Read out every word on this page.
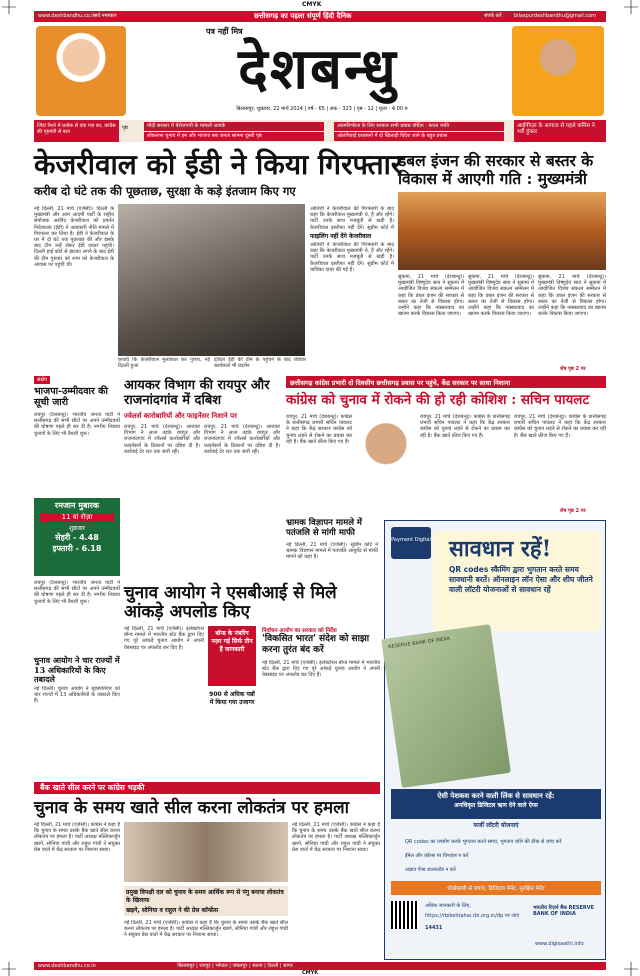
CMYK
www.deshbandhu.co.in
सर्व नमस्कार	छत्तीसगढ़ का पहला संपूर्ण हिंदी दैनिक	संपर्क करें bilaspurdeshbandhu@gmail.com
पत्र नहीं मित्र
देशबन्धु
बिलासपुर, शुक्रवार, 22 मार्च 2024 | वर्ष - 65 | अंक - 323 | पृष्ठ - 12 | मूल्य - 4.00 रु
जिंदा रिश्ते में प्रत्येक से एक गज़ का, कांग्रेस की गृहमंत्री से बात
पृष्ठ	मोदी सरकार में बेरोजगारी के मामलों आपके
लोकसभा चुनाव में हम और भाजपा सब जनता सामना दूसरी पृष्ठ
आत्मनिर्भरता के लिए सरकार सभी प्रयास वर्धिता : काला जाति
ओलंपियाई प्रशासनों में दो खिलाड़ी विदेश जाने के बहुत प्रयास
आईपीएल के आगाज से पहले कमिंस ने भरी हुंकार
केजरीवाल को ईडी ने किया गिरफ्तार
करीब दो घंटे तक की पूछताछ, सुरक्षा के कड़े इंतजाम किए गए
नई दिल्ली, 21 मार्च (एजेंसी)। दिल्ली के मुख्यमंत्री और आम आदमी पार्टी के राष्ट्रीय संयोजक अरविंद केजरीवाल को प्रवर्तन निदेशालय (ईडी) ने आबकारी नीति मामले में गिरफ्तार कर लिया है। ईडी ने केजरीवाल के घर में दो घंटे तक पूछताछ की और इसके बाद टीम उन्हें लेकर ईडी दफ्तर पहुंची। दिल्ली हाई कोर्ट से झटका लगने के बाद ईडी की टीम गुरुवार को शाम को केजरीवाल के आवास पर पहुंची थी।
कथाएँ कि केजरीवाल मुलाकात कर गुजरा, नई दिल्ली हुआ
ट्विटर ईडी की टीम के पहुंचने के बाद रविवार कार्यकर्ता भी प्रदर्शन
आतिशी ने केजरीवाल की गिरफ्तारी के बाद कहा कि केजरीवाल मुख्यमंत्री थे, हैं और रहेंगे। पार्टी उनके साथ मजबूती से खड़ी है। केजरीवाल इस्तीफा नहीं देंगे। सुप्रीम कोर्ट में
फाइलिंग नहीं देंगे केजरीवाल
आतिशी ने केजरीवाल की गिरफ्तारी के बाद कहा कि केजरीवाल मुख्यमंत्री थे, हैं और रहेंगे। पार्टी उनके साथ मजबूती से खड़ी है। केजरीवाल इस्तीफा नहीं देंगे। सुप्रीम कोर्ट में याचिका दायर की गई है।
डबल इंजन की सरकार से बस्तर के विकास में आएगी गति : मुख्यमंत्री
सुकमा, 21 मार्च (देशबन्धु)। मुख्यमंत्री विष्णुदेव साय ने सुकमा में आयोजित विजय संकल्प सम्मेलन में कहा कि डबल इंजन की सरकार से बस्तर का तेजी से विकास होगा। उन्होंने कहा कि नक्सलवाद का खात्मा करके विकास किया जाएगा।
सुकमा, 21 मार्च (देशबन्धु)। मुख्यमंत्री विष्णुदेव साय ने सुकमा में आयोजित विजय संकल्प सम्मेलन में कहा कि डबल इंजन की सरकार से बस्तर का तेजी से विकास होगा। उन्होंने कहा कि नक्सलवाद का खात्मा करके विकास किया जाएगा।
सुकमा, 21 मार्च (देशबन्धु)। मुख्यमंत्री विष्णुदेव साय ने सुकमा में आयोजित विजय संकल्प सम्मेलन में कहा कि डबल इंजन की सरकार से बस्तर का तेजी से विकास होगा। उन्होंने कहा कि नक्सलवाद का खात्मा करके विकास किया जाएगा।
शेष पृष्ठ 2 पर
संक्षेप
भाजपा-उम्मीदवार की सूची जारी
रायपुर (देशबन्धु)। भारतीय जनता पार्टी ने छत्तीसगढ़ की सभी सीटों पर अपने उम्मीदवारों की घोषणा पहले ही कर दी है। नगरीय निकाय चुनावों के लिए भी तैयारी शुरू।
रमजान मुबारक
11 वां रोज़ा
शुक्रवार
सेहरी - 4.48
इफ्तारी - 6.18
रायपुर (देशबन्धु)। भारतीय जनता पार्टी ने छत्तीसगढ़ की सभी सीटों पर अपने उम्मीदवारों की घोषणा पहले ही कर दी है। नगरीय निकाय चुनावों के लिए भी तैयारी शुरू।
चुनाव आयोग ने चार राज्यों में 13 अधिकारियों के किए तबादले
नई दिल्ली। चुनाव आयोग ने बृहस्पतिवार को चार राज्यों में 13 अधिकारियों के तबादले किए हैं।
आयकर विभाग की रायपुर और राजनांदगांव में दबिश
ज्वेलर्स कारोबारियों और फाइनेंसर निशाने पर
रायपुर, 21 मार्च (देशबन्धु)। आयकर विभाग ने आज तड़के रायपुर और राजनांदगांव में ज्वेलर्स कारोबारियों और फाइनेंसरों के ठिकानों पर दबिश दी है। कार्रवाई देर रात तक जारी रही।
रायपुर, 21 मार्च (देशबन्धु)। आयकर विभाग ने आज तड़के रायपुर और राजनांदगांव में ज्वेलर्स कारोबारियों और फाइनेंसरों के ठिकानों पर दबिश दी है। कार्रवाई देर रात तक जारी रही।
छत्तीसगढ़ कांग्रेस प्रभारी दो दिवसीय छत्तीसगढ़ प्रवास पर पहुंचे, केंद्र सरकार पर साधा निशाना
कांग्रेस को चुनाव में रोकने की हो रही कोशिश : सचिन पायलट
रायपुर, 21 मार्च (देशबन्धु)। कांग्रेस के छत्तीसगढ़ प्रभारी सचिन पायलट ने कहा कि केंद्र सरकार कांग्रेस को चुनाव लड़ने से रोकने का प्रयास कर रही है। बैंक खाते फ्रीज किए गए हैं।
रायपुर, 21 मार्च (देशबन्धु)। कांग्रेस के छत्तीसगढ़ प्रभारी सचिन पायलट ने कहा कि केंद्र सरकार कांग्रेस को चुनाव लड़ने से रोकने का प्रयास कर रही है। बैंक खाते फ्रीज किए गए हैं।
रायपुर, 21 मार्च (देशबन्धु)। कांग्रेस के छत्तीसगढ़ प्रभारी सचिन पायलट ने कहा कि केंद्र सरकार कांग्रेस को चुनाव लड़ने से रोकने का प्रयास कर रही है। बैंक खाते फ्रीज किए गए हैं।
शेष पृष्ठ 2 पर
भ्रामक विज्ञापन मामले में पतंजलि से मांगी माफी
नई दिल्ली, 21 मार्च (एजेंसी)। सुप्रीम कोर्ट ने भ्रामक विज्ञापन मामले में पतंजलि आयुर्वेद से माफी मांगने को कहा है।
चुनाव आयोग ने एसबीआई से मिले आंकड़े अपलोड किए
नई दिल्ली, 21 मार्च (एजेंसी)। इलेक्टोरल बॉन्ड मामले में भारतीय स्टेट बैंक द्वारा दिए गए पूरे आंकड़े चुनाव आयोग ने अपनी वेबसाइट पर अपलोड कर दिए हैं।
बॉन्ड के नंबरिंग नज़र गई सिर्फ तीन हैं जानकारी
900 से अधिक पन्नों में किया गया उजागर
निर्वाचन आयोग का सरकार को निर्देश
'विकसित भारत' संदेश को साझा करना तुरंत बंद करें
नई दिल्ली, 21 मार्च (एजेंसी)। इलेक्टोरल बॉन्ड मामले में भारतीय स्टेट बैंक द्वारा दिए गए पूरे आंकड़े चुनाव आयोग ने अपनी वेबसाइट पर अपलोड कर दिए हैं।
Payment Digital सावधान रहें!
QR codes स्कैमिंग द्वारा भुगतान करते समय सावधानी बरतें। ऑनलाइन लॉन ऐसा और शीघ जीतने वाली लॉटरी योजनाओं से सावधान रहें
RESERVE BANK OF INDIA
ऐसी पेशकश करने वाली लिंक से सावधान रहें:
अनधिकृत डिजिटल ऋण देने वाले ऐप्स
फर्जी लॉटरी योजनाएं
QR codes का उपयोग करके भुगतान करते समय, भुगतान राशि की ठीक से जांच करें
ईमेल और कॉल्स पर विश्वास न करें
अज्ञात ऐप्स डाउनलोड न करें
धोखेबाजी से बचाएं, डिजिटल पेमेंट, सुरक्षित पेमेंट
अधिक जानकारी के लिए,
https://rbikehtahai.rbi.org.in/dp पर जाएं
14431
भारतीय रिज़र्व बैंक RESERVE BANK OF INDIA
www.digisaathi.info
बैंक खाते सील करने पर कांग्रेस भड़की
चुनाव के समय खाते सील करना लोकतंत्र पर हमला
नई दिल्ली, 21 मार्च (एजेंसी)। कांग्रेस ने कहा है कि चुनाव के समय उसके बैंक खाते सील करना लोकतंत्र पर हमला है। पार्टी अध्यक्ष मल्लिकार्जुन खरगे, सोनिया गांधी और राहुल गांधी ने संयुक्त प्रेस वार्ता में केंद्र सरकार पर निशाना साधा।
प्रमुख विपक्षी दल को चुनाव के समय आर्थिक रूप से पंगु बनाया लोकतंत्र के खिलाफ
खड़गे, सोनिया व राहुल ने की प्रेस कॉन्फ्रेंस
नई दिल्ली, 21 मार्च (एजेंसी)। कांग्रेस ने कहा है कि चुनाव के समय उसके बैंक खाते सील करना लोकतंत्र पर हमला है। पार्टी अध्यक्ष मल्लिकार्जुन खरगे, सोनिया गांधी और राहुल गांधी ने संयुक्त प्रेस वार्ता में केंद्र सरकार पर निशाना साधा।
नई दिल्ली, 21 मार्च (एजेंसी)। कांग्रेस ने कहा है कि चुनाव के समय उसके बैंक खाते सील करना लोकतंत्र पर हमला है। पार्टी अध्यक्ष मल्लिकार्जुन खरगे, सोनिया गांधी और राहुल गांधी ने संयुक्त प्रेस वार्ता में केंद्र सरकार पर निशाना साधा।
www.deshbandhu.co.in	बिलासपुर | रायपुर | भोपाल | जबलपुर | सतना | दिल्ली | सागर
CMYK
